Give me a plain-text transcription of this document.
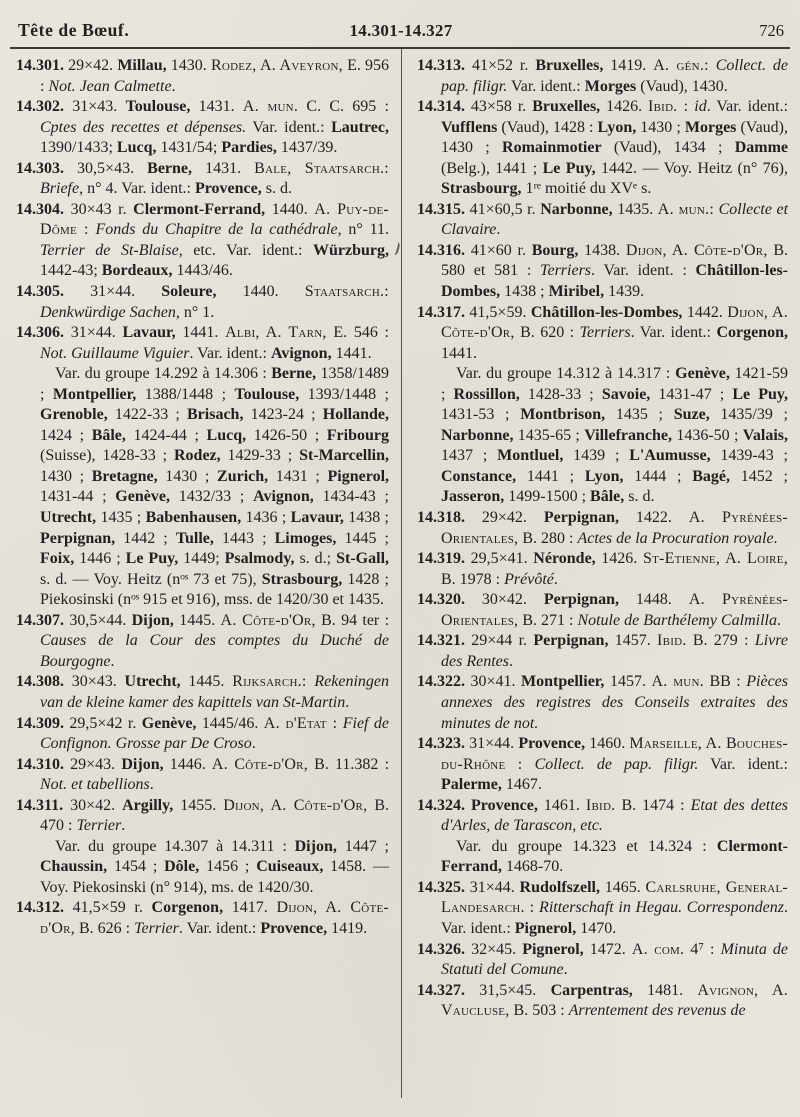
Tête de Bœuf.	14.301-14.327	726

14.301. 29×42. Millau, 1430. Rodez, A. Aveyron, E. 956 : Not. Jean Calmette.

14.302. 31×43. Toulouse, 1431. A. mun. C. C. 695 : Cptes des recettes et dépenses. Var. ident.: Lautrec, 1390/1433; Lucq, 1431/54; Pardies, 1437/39.

14.303. 30,5×43. Berne, 1431. Bale, Staatsarch.: Briefe, n° 4. Var. ident.: Provence, s. d.

14.304. 30×43 r. Clermont-Ferrand, 1440. A. Puy-de-Dôme : Fonds du Chapitre de la cathédrale, n° 11. Terrier de St-Blaise, etc. Var. ident.: Würzburg, 1442-43; Bordeaux, 1443/46.

14.305. 31×44. Soleure, 1440. Staatsarch.: Denkwürdige Sachen, n° 1.

14.306. 31×44. Lavaur, 1441. Albi, A. Tarn, E. 546 : Not. Guillaume Viguier. Var. ident.: Avignon, 1441.

Var. du groupe 14.292 à 14.306 : Berne, 1358/1489 ; Montpellier, 1388/1448 ; Toulouse, 1393/1448 ; Grenoble, 1422-33 ; Brisach, 1423-24 ; Hollande, 1424 ; Bâle, 1424-44 ; Lucq, 1426-50 ; Fribourg (Suisse), 1428-33 ; Rodez, 1429-33 ; St-Marcellin, 1430 ; Bretagne, 1430 ; Zurich, 1431 ; Pignerol, 1431-44 ; Genève, 1432/33 ; Avignon, 1434-43 ; Utrecht, 1435 ; Babenhausen, 1436 ; Lavaur, 1438 ; Perpignan, 1442 ; Tulle, 1443 ; Limoges, 1445 ; Foix, 1446 ; Le Puy, 1449; Psalmody, s. d.; St-Gall, s. d. — Voy. Heitz (nᵒˢ 73 et 75), Strasbourg, 1428 ; Piekosinski (nᵒˢ 915 et 916), mss. de 1420/30 et 1435.

14.307. 30,5×44. Dijon, 1445. A. Côte-d'Or, B. 94 ter : Causes de la Cour des comptes du Duché de Bourgogne.

14.308. 30×43. Utrecht, 1445. Rijksarch.: Rekeningen van de kleine kamer des kapittels van St-Martin.

14.309. 29,5×42 r. Genève, 1445/46. A. d'Etat : Fief de Confignon. Grosse par De Croso.

14.310. 29×43. Dijon, 1446. A. Côte-d'Or, B. 11.382 : Not. et tabellions.

14.311. 30×42. Argilly, 1455. Dijon, A. Côte-d'Or, B. 470 : Terrier.

Var. du groupe 14.307 à 14.311 : Dijon, 1447 ; Chaussin, 1454 ; Dôle, 1456 ; Cuiseaux, 1458. — Voy. Piekosinski (n° 914), ms. de 1420/30.

14.312. 41,5×59 r. Corgenon, 1417. Dijon, A. Côte-d'Or, B. 626 : Terrier. Var. ident.: Provence, 1419.

14.313. 41×52 r. Bruxelles, 1419. A. gén.: Collect. de pap. filigr. Var. ident.: Morges (Vaud), 1430.

14.314. 43×58 r. Bruxelles, 1426. Ibid. : id. Var. ident.: Vufflens (Vaud), 1428 : Lyon, 1430 ; Morges (Vaud), 1430 ; Romainmotier (Vaud), 1434 ; Damme (Belg.), 1441 ; Le Puy, 1442. — Voy. Heitz (n° 76), Strasbourg, 1ʳᵉ moitié du XVᵉ s.

14.315. 41×60,5 r. Narbonne, 1435. A. mun.: Collecte et Clavaire.

14.316. 41×60 r. Bourg, 1438. Dijon, A. Côte-d'Or, B. 580 et 581 : Terriers. Var. ident. : Châtillon-les-Dombes, 1438 ; Miribel, 1439.

14.317. 41,5×59. Châtillon-les-Dombes, 1442. Dijon, A. Côte-d'Or, B. 620 : Terriers. Var. ident.: Corgenon, 1441.

Var. du groupe 14.312 à 14.317 : Genève, 1421-59 ; Rossillon, 1428-33 ; Savoie, 1431-47 ; Le Puy, 1431-53 ; Montbrison, 1435 ; Suze, 1435/39 ; Narbonne, 1435-65 ; Villefranche, 1436-50 ; Valais, 1437 ; Montluel, 1439 ; L'Aumusse, 1439-43 ; Constance, 1441 ; Lyon, 1444 ; Bagé, 1452 ; Jasseron, 1499-1500 ; Bâle, s. d.

14.318. 29×42. Perpignan, 1422. A. Pyrénées-Orientales, B. 280 : Actes de la Procuration royale.

14.319. 29,5×41. Néronde, 1426. St-Etienne, A. Loire, B. 1978 : Prévôté.

14.320. 30×42. Perpignan, 1448. A. Pyrénées-Orientales, B. 271 : Notule de Barthélemy Calmilla.

14.321. 29×44 r. Perpignan, 1457. Ibid. B. 279 : Livre des Rentes.

14.322. 30×41. Montpellier, 1457. A. mun. BB : Pièces annexes des registres des Conseils extraites des minutes de not.

14.323. 31×44. Provence, 1460. Marseille, A. Bouches-du-Rhône : Collect. de pap. filigr. Var. ident.: Palerme, 1467.

14.324. Provence, 1461. Ibid. B. 1474 : Etat des dettes d'Arles, de Tarascon, etc.

Var. du groupe 14.323 et 14.324 : Clermont-Ferrand, 1468-70.

14.325. 31×44. Rudolfszell, 1465. Carlsruhe, General-Landesarch. : Ritterschaft in Hegau. Correspondenz. Var. ident.: Pignerol, 1470.

14.326. 32×45. Pignerol, 1472. A. com. 4⁷ : Minuta de Statuti del Comune.

14.327. 31,5×45. Carpentras, 1481. Avignon, A. Vaucluse, B. 503 : Arrentement des revenus de
